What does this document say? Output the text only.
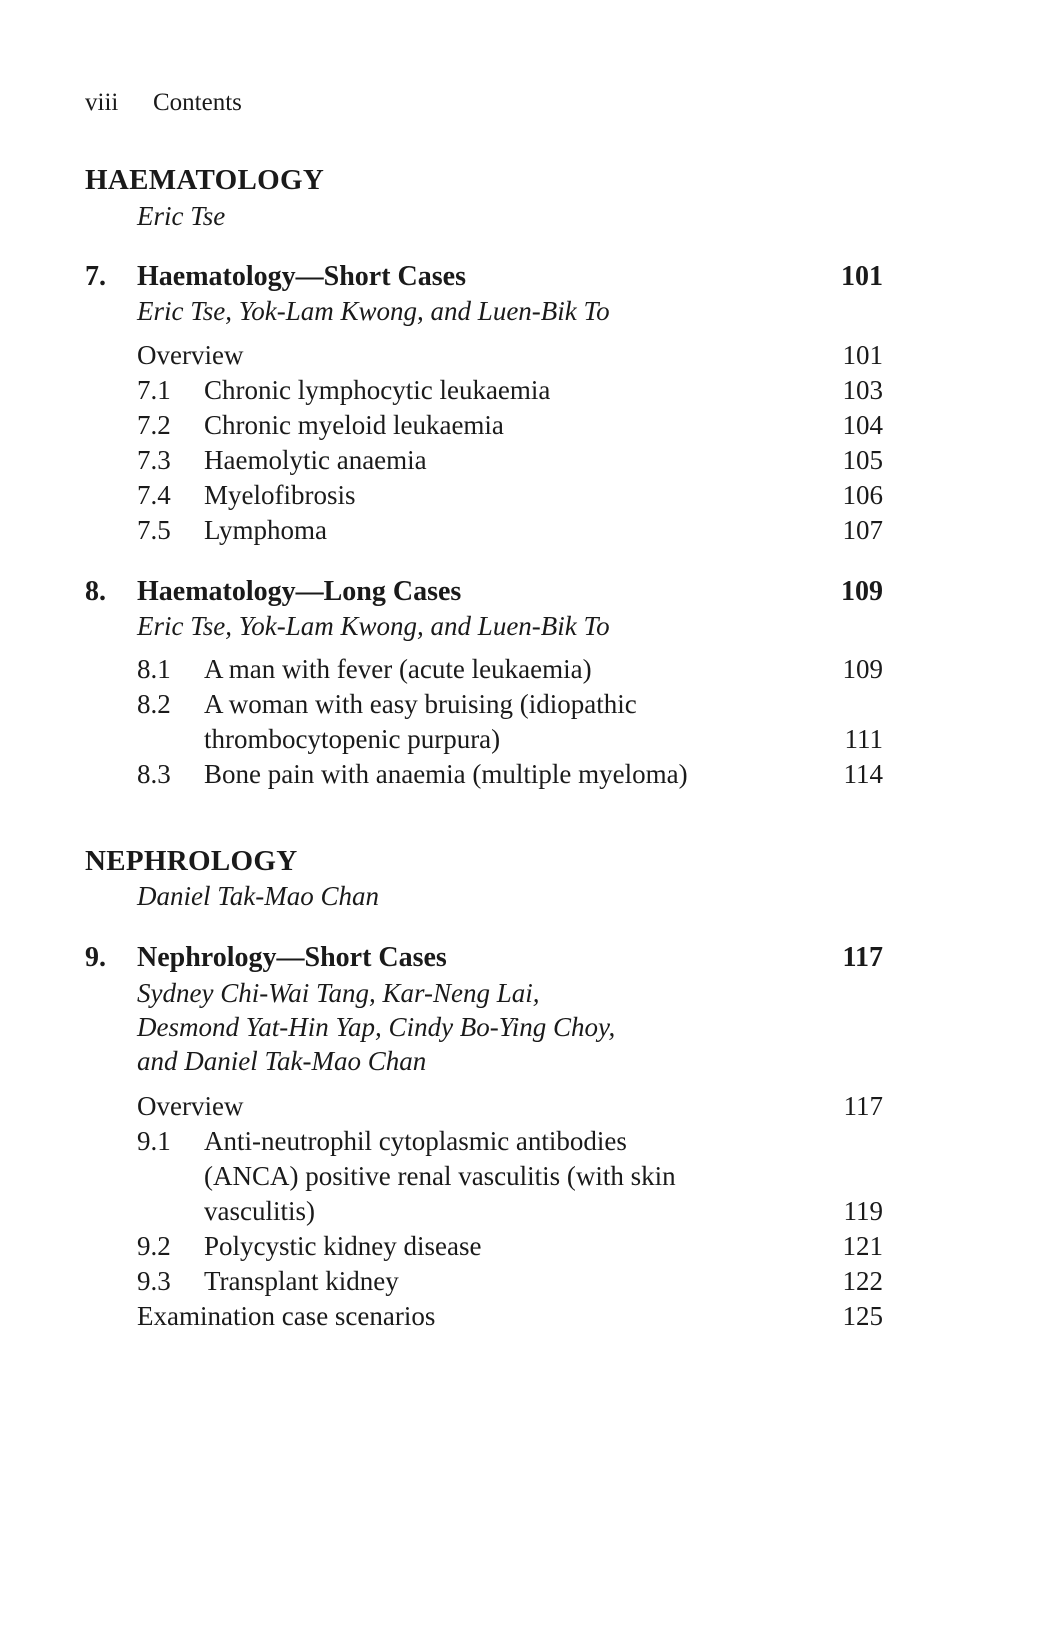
viii Contents
HAEMATOLOGY
Eric Tse
7. Haematology—Short Cases	101
Eric Tse, Yok-Lam Kwong, and Luen-Bik To
Overview	101
7.1 Chronic lymphocytic leukaemia	103
7.2 Chronic myeloid leukaemia	104
7.3 Haemolytic anaemia	105
7.4 Myelofibrosis	106
7.5 Lymphoma	107
8. Haematology—Long Cases	109
Eric Tse, Yok-Lam Kwong, and Luen-Bik To
8.1 A man with fever (acute leukaemia)	109
8.2 A woman with easy bruising (idiopathic
thrombocytopenic purpura)	111
8.3 Bone pain with anaemia (multiple myeloma)	114
NEPHROLOGY
Daniel Tak-Mao Chan
9. Nephrology—Short Cases	117
Sydney Chi-Wai Tang, Kar-Neng Lai,
Desmond Yat-Hin Yap, Cindy Bo-Ying Choy,
and Daniel Tak-Mao Chan
Overview	117
9.1 Anti-neutrophil cytoplasmic antibodies
(ANCA) positive renal vasculitis (with skin
vasculitis)	119
9.2 Polycystic kidney disease	121
9.3 Transplant kidney	122
Examination case scenarios	125
